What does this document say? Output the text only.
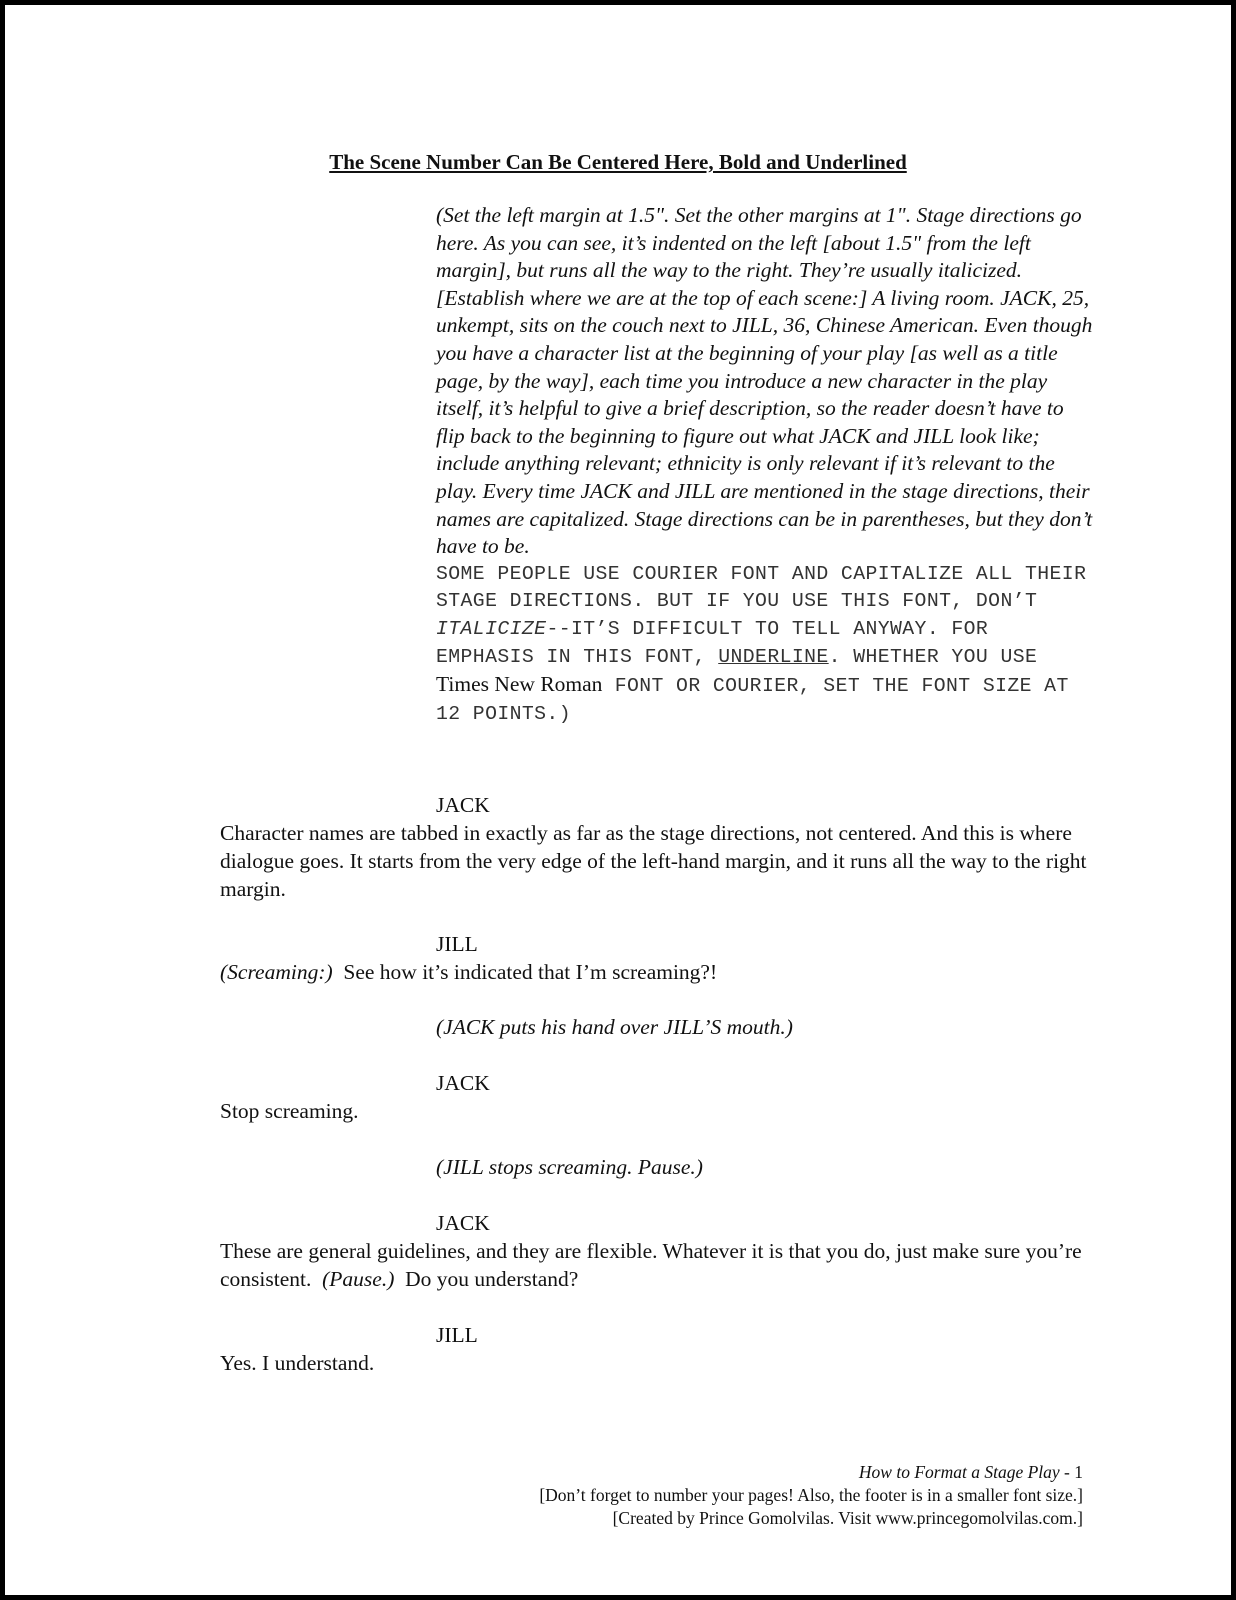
The Scene Number Can Be Centered Here, Bold and Underlined
(Set the left margin at 1.5". Set the other margins at 1". Stage directions go here. As you can see, it’s indented on the left [about 1.5" from the left margin], but runs all the way to the right. They’re usually italicized. [Establish where we are at the top of each scene:] A living room. JACK, 25, unkempt, sits on the couch next to JILL, 36, Chinese American. Even though you have a character list at the beginning of your play [as well as a title page, by the way], each time you introduce a new character in the play itself, it’s helpful to give a brief description, so the reader doesn’t have to flip back to the beginning to figure out what JACK and JILL look like; include anything relevant; ethnicity is only relevant if it’s relevant to the play. Every time JACK and JILL are mentioned in the stage directions, their names are capitalized. Stage directions can be in parentheses, but they don’t have to be.
SOME PEOPLE USE COURIER FONT AND CAPITALIZE ALL THEIR STAGE DIRECTIONS. BUT IF YOU USE THIS FONT, DON’T ITALICIZE--IT’S DIFFICULT TO TELL ANYWAY. FOR EMPHASIS IN THIS FONT, UNDERLINE. WHETHER YOU USE Times New Roman FONT OR COURIER, SET THE FONT SIZE AT 12 POINTS.)
JACK
Character names are tabbed in exactly as far as the stage directions, not centered. And this is where dialogue goes. It starts from the very edge of the left-hand margin, and it runs all the way to the right margin.
JILL
(Screaming:) See how it’s indicated that I’m screaming?!
(JACK puts his hand over JILL’S mouth.)
JACK
Stop screaming.
(JILL stops screaming. Pause.)
JACK
These are general guidelines, and they are flexible. Whatever it is that you do, just make sure you’re consistent. (Pause.) Do you understand?
JILL
Yes. I understand.
How to Format a Stage Play - 1
[Don’t forget to number your pages! Also, the footer is in a smaller font size.]
[Created by Prince Gomolvilas. Visit www.princegomolvilas.com.]
